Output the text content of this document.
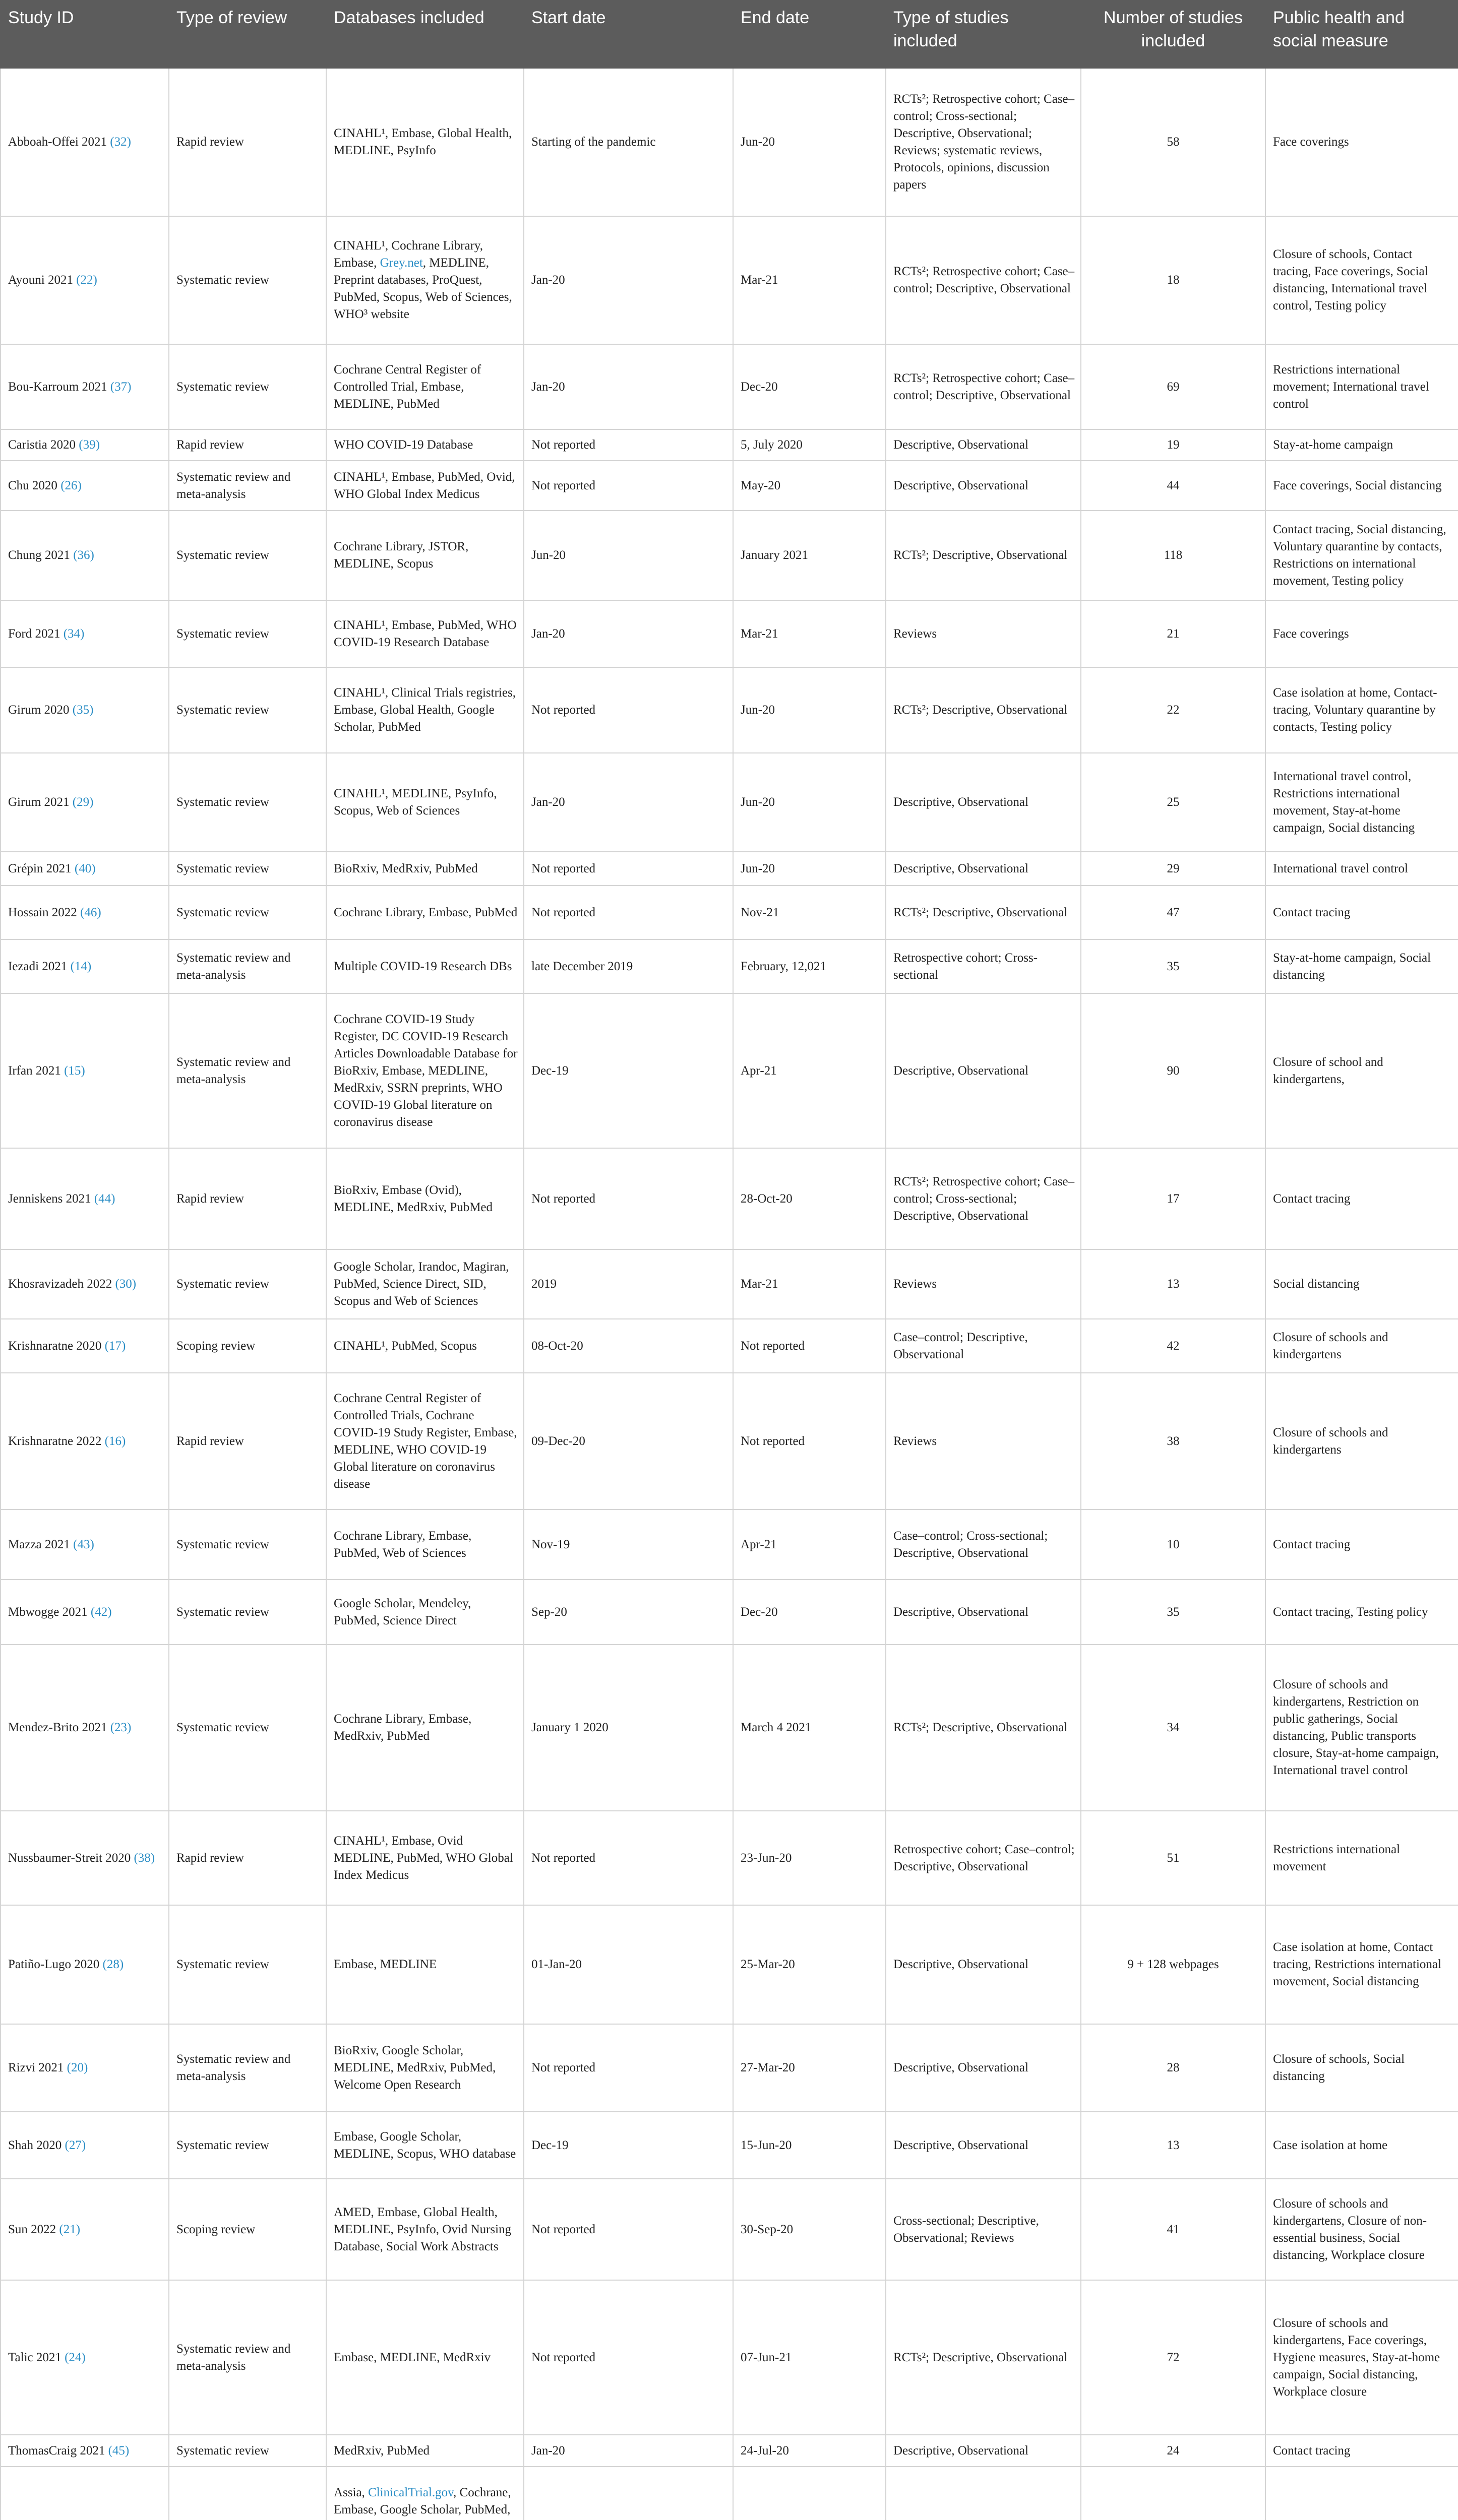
Study ID	Type of review	Databases included	Start date	End date	Type of studies included	Number of studies included	Public health and social measure
Abboah-Offei 2021 (32)	Rapid review	CINAHL¹, Embase, Global Health, MEDLINE, PsyInfo	Starting of the pandemic	Jun-20	RCTs²; Retrospective cohort; Case–control; Cross-sectional; Descriptive, Observational; Reviews; systematic reviews, Protocols, opinions, discussion papers	58	Face coverings
Ayouni 2021 (22)	Systematic review	CINAHL¹, Cochrane Library, Embase, Grey.net, MEDLINE, Preprint databases, ProQuest, PubMed, Scopus, Web of Sciences, WHO³ website	Jan-20	Mar-21	RCTs²; Retrospective cohort; Case–control; Descriptive, Observational	18	Closure of schools, Contact tracing, Face coverings, Social distancing, International travel control, Testing policy
Bou-Karroum 2021 (37)	Systematic review	Cochrane Central Register of Controlled Trial, Embase, MEDLINE, PubMed	Jan-20	Dec-20	RCTs²; Retrospective cohort; Case–control; Descriptive, Observational	69	Restrictions international movement; International travel control
Caristia 2020 (39)	Rapid review	WHO COVID-19 Database	Not reported	5, July 2020	Descriptive, Observational	19	Stay-at-home campaign
Chu 2020 (26)	Systematic review and meta-analysis	CINAHL¹, Embase, PubMed, Ovid, WHO Global Index Medicus	Not reported	May-20	Descriptive, Observational	44	Face coverings, Social distancing
Chung 2021 (36)	Systematic review	Cochrane Library, JSTOR, MEDLINE, Scopus	Jun-20	January 2021	RCTs²; Descriptive, Observational	118	Contact tracing, Social distancing, Voluntary quarantine by contacts, Restrictions on international movement, Testing policy
Ford 2021 (34)	Systematic review	CINAHL¹, Embase, PubMed, WHO COVID-19 Research Database	Jan-20	Mar-21	Reviews	21	Face coverings
Girum 2020 (35)	Systematic review	CINAHL¹, Clinical Trials registries, Embase, Global Health, Google Scholar, PubMed	Not reported	Jun-20	RCTs²; Descriptive, Observational	22	Case isolation at home, Contact-tracing, Voluntary quarantine by contacts, Testing policy
Girum 2021 (29)	Systematic review	CINAHL¹, MEDLINE, PsyInfo, Scopus, Web of Sciences	Jan-20	Jun-20	Descriptive, Observational	25	International travel control, Restrictions international movement, Stay-at-home campaign, Social distancing
Grépin 2021 (40)	Systematic review	BioRxiv, MedRxiv, PubMed	Not reported	Jun-20	Descriptive, Observational	29	International travel control
Hossain 2022 (46)	Systematic review	Cochrane Library, Embase, PubMed	Not reported	Nov-21	RCTs²; Descriptive, Observational	47	Contact tracing
Iezadi 2021 (14)	Systematic review and meta-analysis	Multiple COVID-19 Research DBs	late December 2019	February, 12,021	Retrospective cohort; Cross-sectional	35	Stay-at-home campaign, Social distancing
Irfan 2021 (15)	Systematic review and meta-analysis	Cochrane COVID-19 Study Register, DC COVID-19 Research Articles Downloadable Database for BioRxiv, Embase, MEDLINE, MedRxiv, SSRN preprints, WHO COVID-19 Global literature on coronavirus disease	Dec-19	Apr-21	Descriptive, Observational	90	Closure of school and kindergartens,
Jenniskens 2021 (44)	Rapid review	BioRxiv, Embase (Ovid), MEDLINE, MedRxiv, PubMed	Not reported	28-Oct-20	RCTs²; Retrospective cohort; Case–control; Cross-sectional; Descriptive, Observational	17	Contact tracing
Khosravizadeh 2022 (30)	Systematic review	Google Scholar, Irandoc, Magiran, PubMed, Science Direct, SID, Scopus and Web of Sciences	2019	Mar-21	Reviews	13	Social distancing
Krishnaratne 2020 (17)	Scoping review	CINAHL¹, PubMed, Scopus	08-Oct-20	Not reported	Case–control; Descriptive, Observational	42	Closure of schools and kindergartens
Krishnaratne 2022 (16)	Rapid review	Cochrane Central Register of Controlled Trials, Cochrane COVID-19 Study Register, Embase, MEDLINE, WHO COVID-19 Global literature on coronavirus disease	09-Dec-20	Not reported	Reviews	38	Closure of schools and kindergartens
Mazza 2021 (43)	Systematic review	Cochrane Library, Embase, PubMed, Web of Sciences	Nov-19	Apr-21	Case–control; Cross-sectional; Descriptive, Observational	10	Contact tracing
Mbwogge 2021 (42)	Systematic review	Google Scholar, Mendeley, PubMed, Science Direct	Sep-20	Dec-20	Descriptive, Observational	35	Contact tracing, Testing policy
Mendez-Brito 2021 (23)	Systematic review	Cochrane Library, Embase, MedRxiv, PubMed	January 1 2020	March 4 2021	RCTs²; Descriptive, Observational	34	Closure of schools and kindergartens, Restriction on public gatherings, Social distancing, Public transports closure, Stay-at-home campaign, International travel control
Nussbaumer-Streit 2020 (38)	Rapid review	CINAHL¹, Embase, Ovid MEDLINE, PubMed, WHO Global Index Medicus	Not reported	23-Jun-20	Retrospective cohort; Case–control; Descriptive, Observational	51	Restrictions international movement
Patiño-Lugo 2020 (28)	Systematic review	Embase, MEDLINE	01-Jan-20	25-Mar-20	Descriptive, Observational	9 + 128 webpages	Case isolation at home, Contact tracing, Restrictions international movement, Social distancing
Rizvi 2021 (20)	Systematic review and meta-analysis	BioRxiv, Google Scholar, MEDLINE, MedRxiv, PubMed, Welcome Open Research	Not reported	27-Mar-20	Descriptive, Observational	28	Closure of schools, Social distancing
Shah 2020 (27)	Systematic review	Embase, Google Scholar, MEDLINE, Scopus, WHO database	Dec-19	15-Jun-20	Descriptive, Observational	13	Case isolation at home
Sun 2022 (21)	Scoping review	AMED, Embase, Global Health, MEDLINE, PsyInfo, Ovid Nursing Database, Social Work Abstracts	Not reported	30-Sep-20	Cross-sectional; Descriptive, Observational; Reviews	41	Closure of schools and kindergartens, Closure of non-essential business, Social distancing, Workplace closure
Talic 2021 (24)	Systematic review and meta-analysis	Embase, MEDLINE, MedRxiv	Not reported	07-Jun-21	RCTs²; Descriptive, Observational	72	Closure of schools and kindergartens, Face coverings, Hygiene measures, Stay-at-home campaign, Social distancing, Workplace closure
ThomasCraig 2021 (45)	Systematic review	MedRxiv, PubMed	Jan-20	24-Jul-20	Descriptive, Observational	24	Contact tracing
		Assia, ClinicalTrial.gov, Cochrane, Embase, Google Scholar, PubMed,					
